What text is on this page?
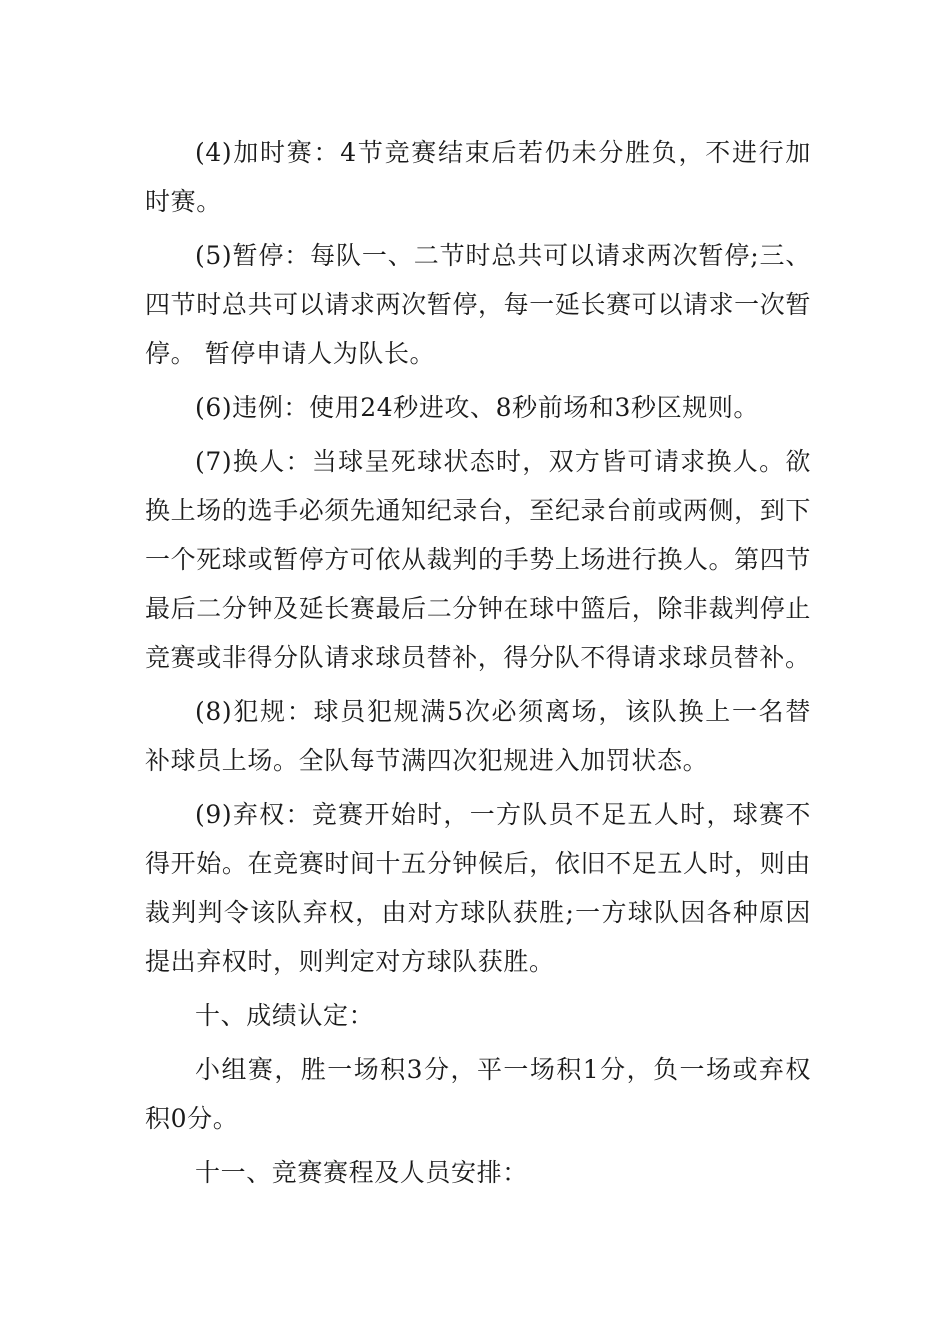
(4)加时赛：4节竞赛结束后若仍未分胜负，不进行加时赛。

(5)暂停：每队一、二节时总共可以请求两次暂停;三、四节时总共可以请求两次暂停，每一延长赛可以请求一次暂停。 暂停申请人为队长。

(6)违例：使用24秒进攻、8秒前场和3秒区规则。

(7)换人：当球呈死球状态时，双方皆可请求换人。欲换上场的选手必须先通知纪录台，至纪录台前或两侧，到下一个死球或暂停方可依从裁判的手势上场进行换人。第四节最后二分钟及延长赛最后二分钟在球中篮后，除非裁判停止竞赛或非得分队请求球员替补，得分队不得请求球员替补。

(8)犯规：球员犯规满5次必须离场，该队换上一名替补球员上场。全队每节满四次犯规进入加罚状态。

(9)弃权：竞赛开始时，一方队员不足五人时，球赛不得开始。在竞赛时间十五分钟候后，依旧不足五人时，则由裁判判令该队弃权，由对方球队获胜;一方球队因各种原因提出弃权时，则判定对方球队获胜。

十、成绩认定：

小组赛，胜一场积3分，平一场积1分，负一场或弃权积0分。

十一、竞赛赛程及人员安排：
